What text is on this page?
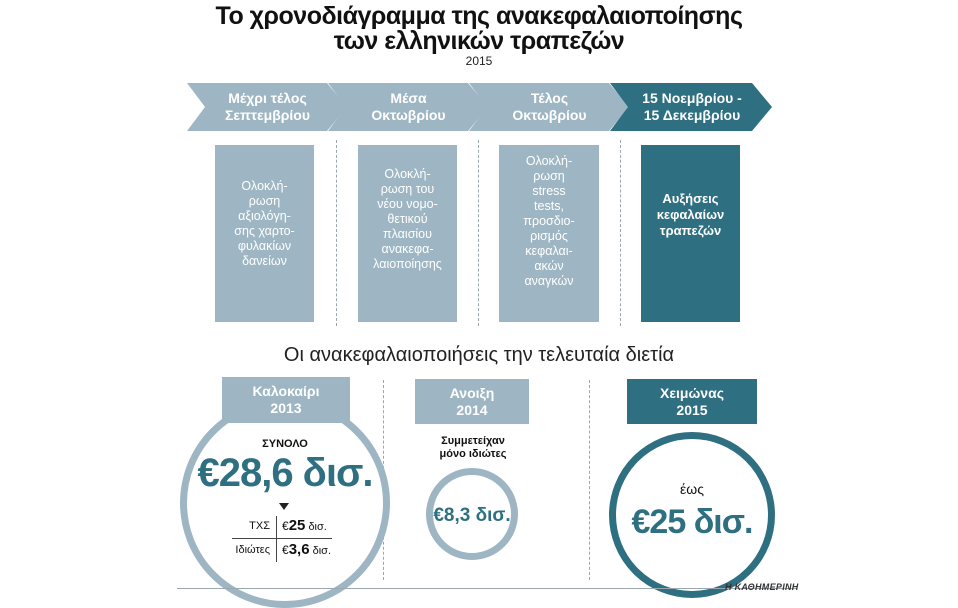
Το χρονοδιάγραμμα της ανακεφαλαιοποίησης
των ελληνικών τραπεζών
2015
Μέχρι τέλος
Σεπτεμβρίου
Μέσα
Οκτωβρίου
Τέλος
Οκτωβρίου
15 Νοεμβρίου -
15 Δεκεμβρίου
Ολοκλή-
ρωση
αξιολόγη-
σης χαρτο-
φυλακίων
δανείων
Ολοκλή-
ρωση του
νέου νομο-
θετικού
πλαισίου
ανακεφα-
λαιοποίησης
Ολοκλή-
ρωση
stress
tests,
προσδιο-
ρισμός
κεφαλαι-
ακών
αναγκών
Αυξήσεις
κεφαλαίων
τραπεζών
Οι ανακεφαλαιοποιήσεις την τελευταία διετία
Καλοκαίρι
2013
ΣΥΝΟΛΟ
€28,6 δισ.
ΤΧΣ €25 δισ.
Ιδιώτες €3,6 δισ.
Ανοιξη
2014
Συμμετείχαν
μόνο ιδιώτες
€8,3 δισ.
Χειμώνας
2015
έως
€25 δισ.
Η ΚΑΘΗΜΕΡΙΝΗ
